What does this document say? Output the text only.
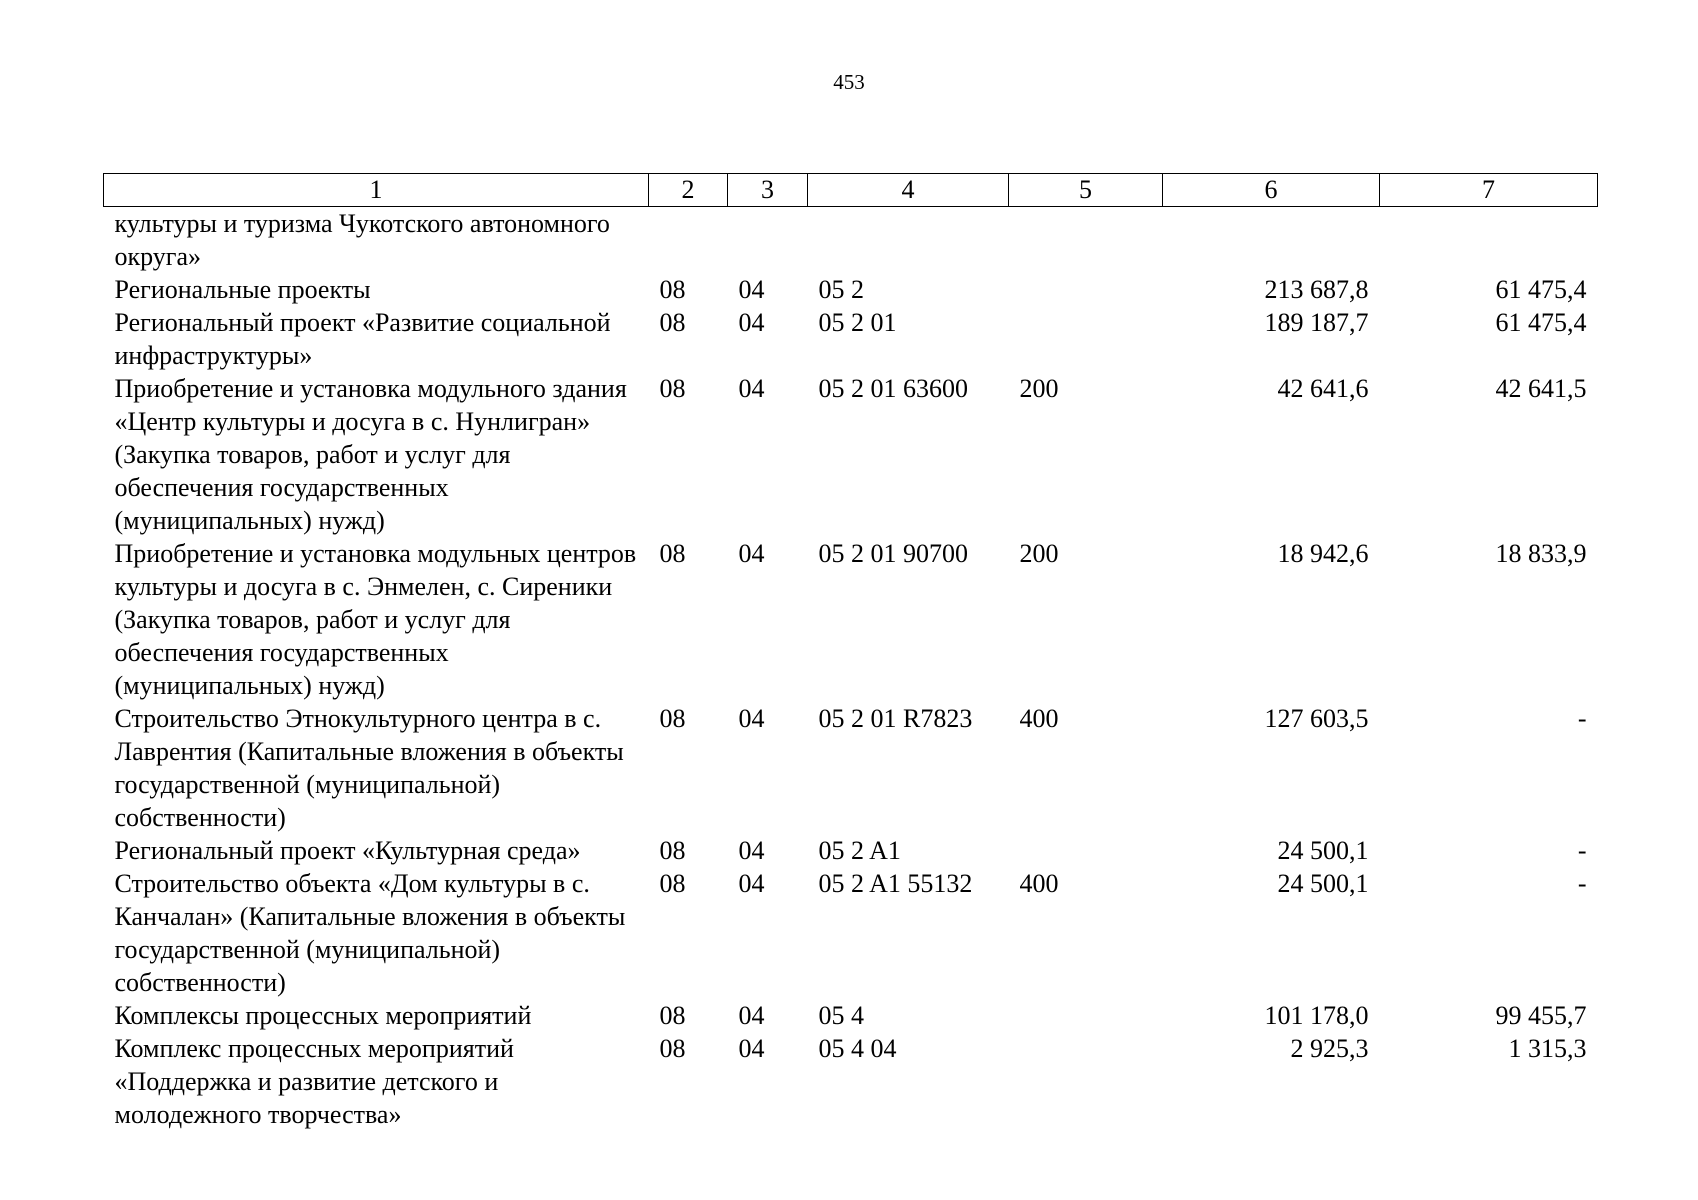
453
1	2	3	4	5	6	7
культуры и туризма Чукотского автономного округа»						
Региональные проекты	08	04	05 2		213 687,8	61 475,4
Региональный проект «Развитие социальной инфраструктуры»	08	04	05 2 01		189 187,7	61 475,4
Приобретение и установка модульного здания «Центр культуры и досуга в с. Нунлигран» (Закупка товаров, работ и услуг для обеспечения государственных (муниципальных) нужд)	08	04	05 2 01 63600	200	42 641,6	42 641,5
Приобретение и установка модульных центров культуры и досуга в с. Энмелен, с. Сиреники (Закупка товаров, работ и услуг для обеспечения государственных (муниципальных) нужд)	08	04	05 2 01 90700	200	18 942,6	18 833,9
Строительство Этнокультурного центра в с. Лаврентия (Капитальные вложения в объекты государственной (муниципальной) собственности)	08	04	05 2 01 R7823	400	127 603,5	-
Региональный проект «Культурная среда»	08	04	05 2 A1		24 500,1	-
Строительство объекта «Дом культуры в с. Канчалан» (Капитальные вложения в объекты государственной (муниципальной) собственности)	08	04	05 2 A1 55132	400	24 500,1	-
Комплексы процессных мероприятий	08	04	05 4		101 178,0	99 455,7
Комплекс процессных мероприятий «Поддержка и развитие детского и молодежного творчества»	08	04	05 4 04		2 925,3	1 315,3
